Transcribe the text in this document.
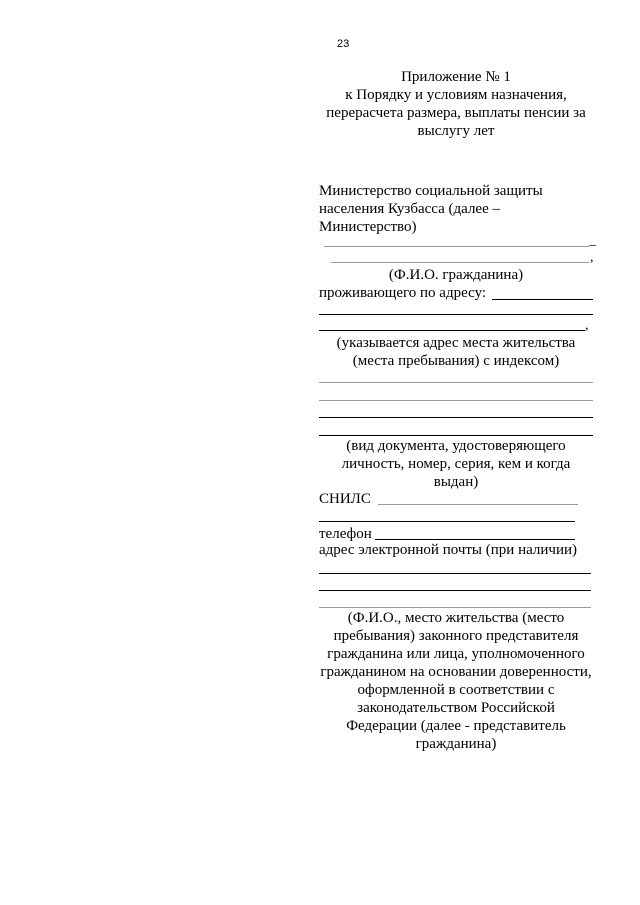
23
Приложение № 1
к Порядку и условиям назначения,
перерасчета размера, выплаты пенсии за
выслугу лет
Министерство социальной защиты
населения Кузбасса (далее –
Министерство)
_
,
(Ф.И.О. гражданина)
проживающего по адресу:
,
(указывается адрес места жительства
(места пребывания) с индексом)
(вид документа, удостоверяющего
личность, номер, серия, кем и когда
выдан)
СНИЛС
телефон
адрес электронной почты (при наличии)
(Ф.И.О., место жительства (место
пребывания) законного представителя
гражданина или лица, уполномоченного
гражданином на основании доверенности,
оформленной в соответствии с
законодательством Российской
Федерации (далее - представитель
гражданина)
